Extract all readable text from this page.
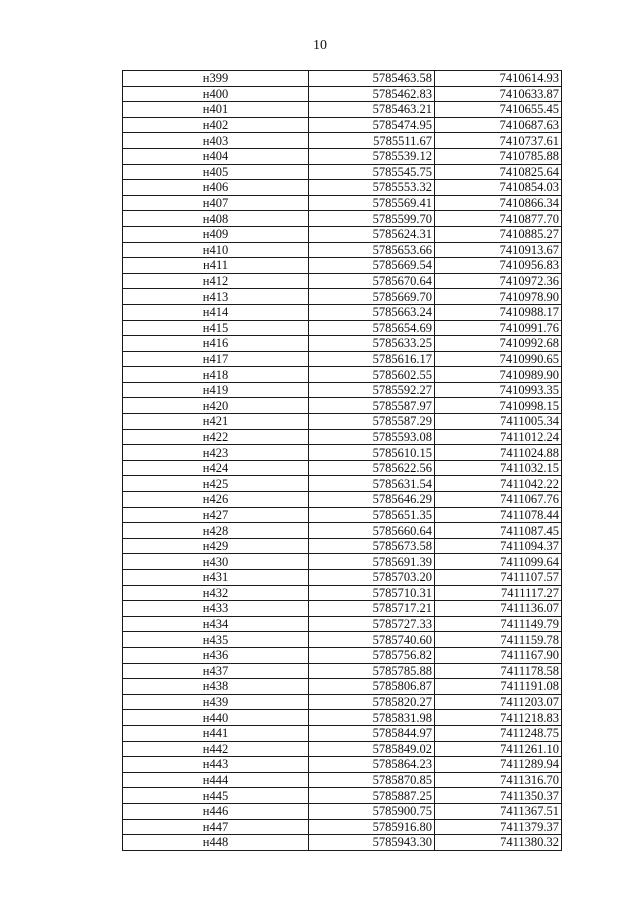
10
н399	5785463.58	7410614.93
н400	5785462.83	7410633.87
н401	5785463.21	7410655.45
н402	5785474.95	7410687.63
н403	5785511.67	7410737.61
н404	5785539.12	7410785.88
н405	5785545.75	7410825.64
н406	5785553.32	7410854.03
н407	5785569.41	7410866.34
н408	5785599.70	7410877.70
н409	5785624.31	7410885.27
н410	5785653.66	7410913.67
н411	5785669.54	7410956.83
н412	5785670.64	7410972.36
н413	5785669.70	7410978.90
н414	5785663.24	7410988.17
н415	5785654.69	7410991.76
н416	5785633.25	7410992.68
н417	5785616.17	7410990.65
н418	5785602.55	7410989.90
н419	5785592.27	7410993.35
н420	5785587.97	7410998.15
н421	5785587.29	7411005.34
н422	5785593.08	7411012.24
н423	5785610.15	7411024.88
н424	5785622.56	7411032.15
н425	5785631.54	7411042.22
н426	5785646.29	7411067.76
н427	5785651.35	7411078.44
н428	5785660.64	7411087.45
н429	5785673.58	7411094.37
н430	5785691.39	7411099.64
н431	5785703.20	7411107.57
н432	5785710.31	7411117.27
н433	5785717.21	7411136.07
н434	5785727.33	7411149.79
н435	5785740.60	7411159.78
н436	5785756.82	7411167.90
н437	5785785.88	7411178.58
н438	5785806.87	7411191.08
н439	5785820.27	7411203.07
н440	5785831.98	7411218.83
н441	5785844.97	7411248.75
н442	5785849.02	7411261.10
н443	5785864.23	7411289.94
н444	5785870.85	7411316.70
н445	5785887.25	7411350.37
н446	5785900.75	7411367.51
н447	5785916.80	7411379.37
н448	5785943.30	7411380.32
